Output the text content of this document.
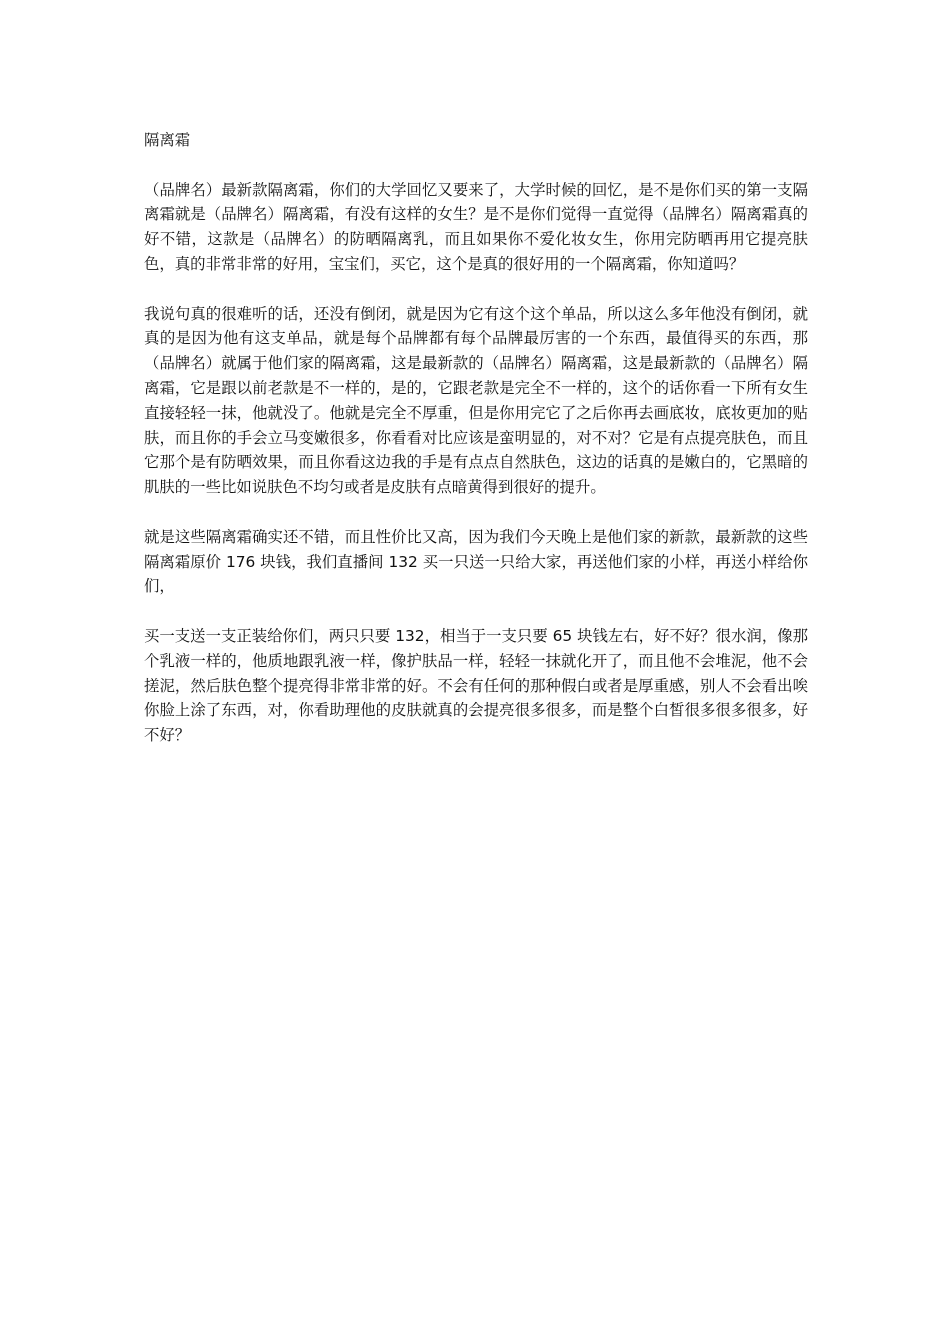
隔离霜

（品牌名）最新款隔离霜，你们的大学回忆又要来了，大学时候的回忆，是不是你们买的第一支隔离霜就是（品牌名）隔离霜，有没有这样的女生？是不是你们觉得一直觉得（品牌名）隔离霜真的好不错，这款是（品牌名）的防晒隔离乳，而且如果你不爱化妆女生，你用完防晒再用它提亮肤色，真的非常非常的好用，宝宝们，买它，这个是真的很好用的一个隔离霜，你知道吗？

我说句真的很难听的话，还没有倒闭，就是因为它有这个这个单品，所以这么多年他没有倒闭，就真的是因为他有这支单品，就是每个品牌都有每个品牌最厉害的一个东西，最值得买的东西，那（品牌名）就属于他们家的隔离霜，这是最新款的（品牌名）隔离霜，这是最新款的（品牌名）隔离霜，它是跟以前老款是不一样的，是的，它跟老款是完全不一样的，这个的话你看一下所有女生直接轻轻一抹，他就没了。他就是完全不厚重，但是你用完它了之后你再去画底妆，底妆更加的贴肤，而且你的手会立马变嫩很多，你看看对比应该是蛮明显的，对不对？它是有点提亮肤色，而且它那个是有防晒效果，而且你看这边我的手是有点点自然肤色，这边的话真的是嫩白的，它黑暗的肌肤的一些比如说肤色不均匀或者是皮肤有点暗黄得到很好的提升。

就是这些隔离霜确实还不错，而且性价比又高，因为我们今天晚上是他们家的新款，最新款的这些隔离霜原价 176 块钱，我们直播间 132 买一只送一只给大家，再送他们家的小样，再送小样给你们，

买一支送一支正装给你们，两只只要 132，相当于一支只要 65 块钱左右，好不好？很水润，像那个乳液一样的，他质地跟乳液一样，像护肤品一样，轻轻一抹就化开了，而且他不会堆泥，他不会搓泥，然后肤色整个提亮得非常非常的好。不会有任何的那种假白或者是厚重感，别人不会看出唉你脸上涂了东西，对，你看助理他的皮肤就真的会提亮很多很多，而是整个白皙很多很多很多，好不好？
